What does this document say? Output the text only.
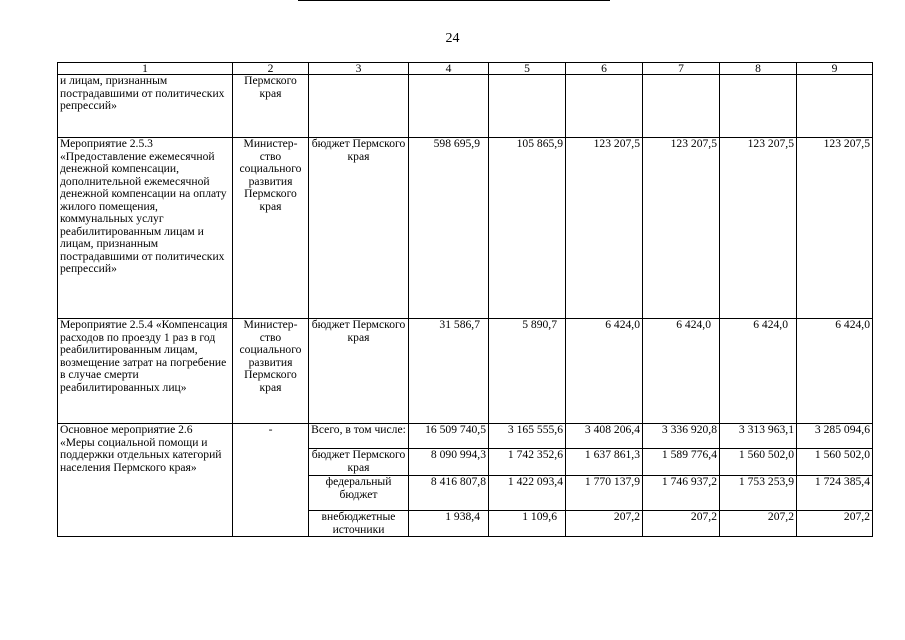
24
1	2	3	4	5	6	7	8	9
и лицам, признанным пострадавшими от политических репрессий»	Пермского края							
Мероприятие 2.5.3 «Предоставление ежемесячной денежной компенсации, дополнительной ежемесячной денежной компенсации на оплату жилого помещения, коммунальных услуг реабилитированным лицам и лицам, признанным пострадавшими от политических репрессий»	Министер-ство социального развития Пермского края	бюджет Пермского края	598 695,9	105 865,9	123 207,5	123 207,5	123 207,5	123 207,5
Мероприятие 2.5.4 «Компенсация расходов по проезду 1 раз в год реабилитированным лицам, возмещение затрат на погребение в случае смерти реабилитированных лиц»	Министер-ство социального развития Пермского края	бюджет Пермского края	31 586,7	5 890,7	6 424,0	6 424,0	6 424,0	6 424,0
Основное мероприятие 2.6 «Меры социальной помощи и поддержки отдельных категорий населения Пермского края»	-	Всего, в том числе:	16 509 740,5	3 165 555,6	3 408 206,4	3 336 920,8	3 313 963,1	3 285 094,6
		бюджет Пермского края	8 090 994,3	1 742 352,6	1 637 861,3	1 589 776,4	1 560 502,0	1 560 502,0
		федеральный бюджет	8 416 807,8	1 422 093,4	1 770 137,9	1 746 937,2	1 753 253,9	1 724 385,4
		внебюджетные источники	1 938,4	1 109,6	207,2	207,2	207,2	207,2
